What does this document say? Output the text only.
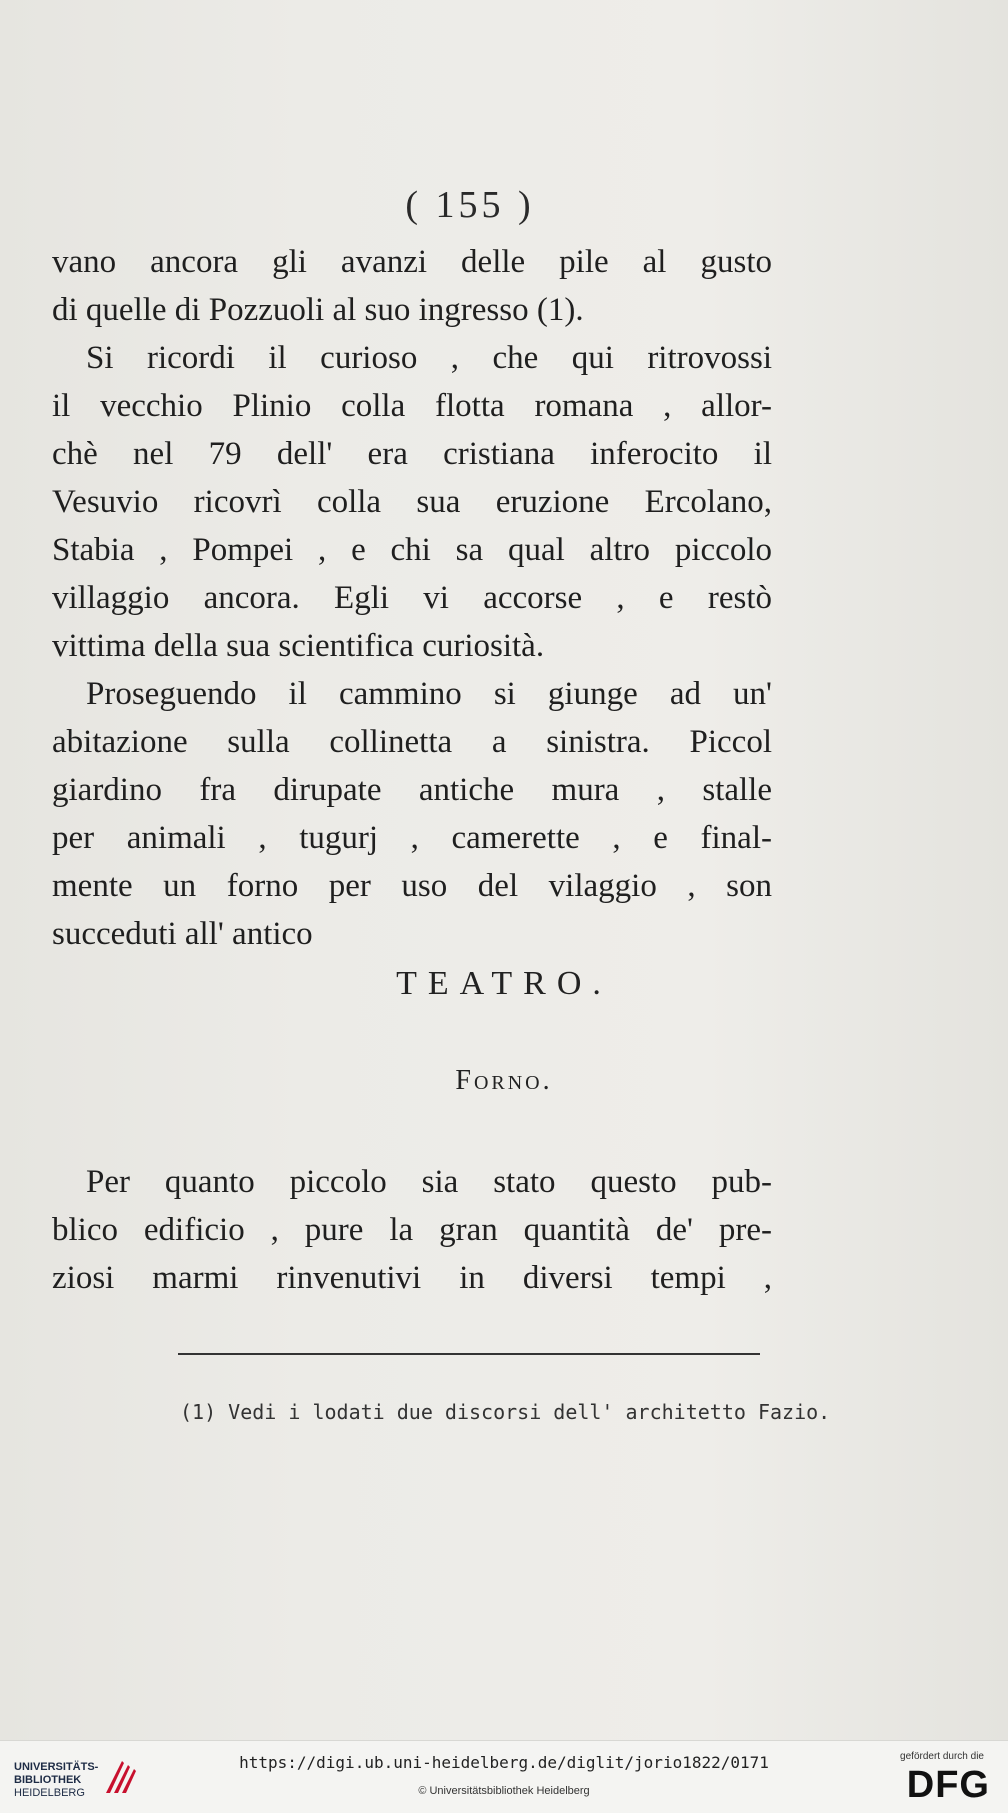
( 155 )
vano ancora gli avanzi delle pile al gusto
di quelle di Pozzuoli al suo ingresso (1).
Si ricordi il curioso , che qui ritrovossi
il vecchio Plinio colla flotta romana , allor-
chè nel 79 dell' era cristiana inferocito il
Vesuvio ricovrì colla sua eruzione Ercolano,
Stabia , Pompei , e chi sa qual altro piccolo
villaggio ancora. Egli vi accorse , e restò
vittima della sua scientifica curiosità.
Proseguendo il cammino si giunge ad un'
abitazione sulla collinetta a sinistra. Piccol
giardino fra dirupate antiche mura , stalle
per animali , tugurj , camerette , e final-
mente un forno per uso del vilaggio , son
succeduti all' antico
TEATRO.
Forno.
Per quanto piccolo sia stato questo pub-
blico edificio , pure la gran quantità de' pre-
ziosi marmi rinvenutivi in diversi tempi ,
(1) Vedi i lodati due discorsi dell' architetto Fazio.
UNIVERSITÄTS-
BIBLIOTHEK
HEIDELBERG
https://digi.ub.uni-heidelberg.de/diglit/jorio1822/0171
© Universitätsbibliothek Heidelberg
gefördert durch die
DFG
